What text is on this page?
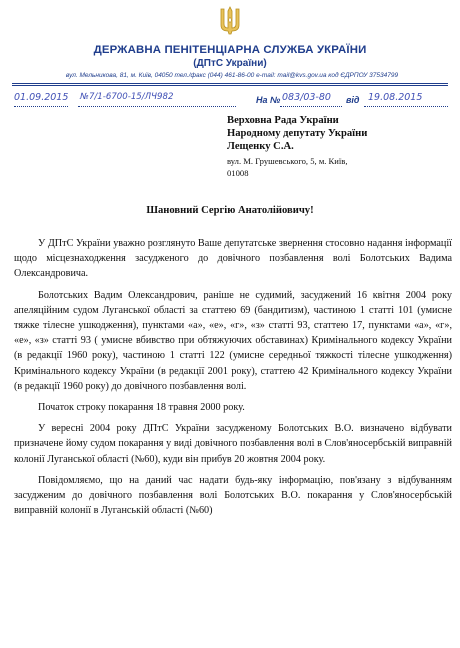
ДЕРЖАВНА ПЕНІТЕНЦІАРНА СЛУЖБА УКРАЇНИ
(ДПтС України)
вул. Мельникова, 81, м. Київ, 04050 тел./факс (044) 461-86-00 e-mail: mail@kvs.gov.ua код ЄДРПОУ 37534799
01.09.2015 №7/1-6700-15/ЛЧ982	На № 083/03-80 від 19.08.2015
Верховна Рада України
Народному депутату України
Лещенку С.А.
вул. М. Грушевського, 5, м. Київ,
01008
Шановний Сергію Анатолійовичу!

У ДПтС України уважно розглянуто Ваше депутатське звернення стосовно надання інформації щодо місцезнаходження засудженого до довічного позбавлення волі Болотських Вадима Олександровича.

Болотських Вадим Олександрович, раніше не судимий, засуджений 16 квітня 2004 року апеляційним судом Луганської області за статтею 69 (бандитизм), частиною 1 статті 101 (умисне тяжке тілесне ушкодження), пунктами «а», «е», «г», «з» статті 93, статтею 17, пунктами «а», «г», «е», «з» статті 93 ( умисне вбивство при обтяжуючих обставинах) Кримінального кодексу України (в редакції 1960 року), частиною 1 статті 122 (умисне середньої тяжкості тілесне ушкодження) Кримінального кодексу України (в редакції 2001 року), статтею 42 Кримінального кодексу України (в редакції 1960 року) до довічного позбавлення волі.

Початок строку покарання 18 травня 2000 року.

У вересні 2004 року ДПтС України засудженому Болотських В.О. визначено відбувати призначене йому судом покарання у виді довічного позбавлення волі в Слов'яносербській виправній колонії Луганської області (№60), куди він прибув 20 жовтня 2004 року.

Повідомляємо, що на даний час надати будь-яку інформацію, пов'язану з відбуванням засудженим до довічного позбавлення волі Болотських В.О. покарання у Слов'яносербській виправній колонії в Луганській області (№60)
